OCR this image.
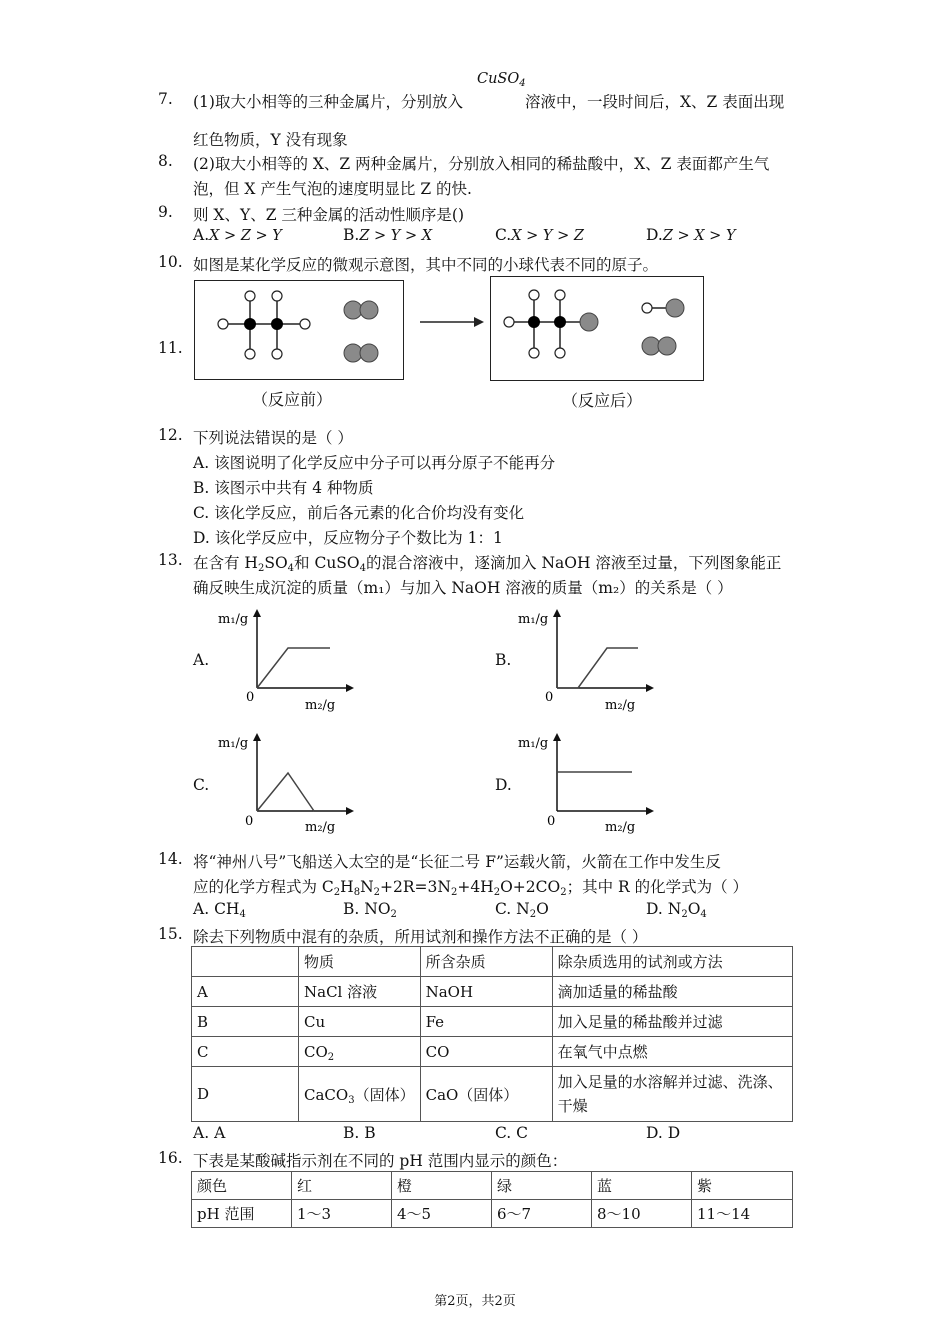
7.	(1)取大小相等的三种金属片，分别放入
CuSO$_4$
溶液中，一段时间后，X、Z 表面出现
红色物质，Y 没有现象
8.	(2)取大小相等的 X、Z 两种金属片，分别放入相同的稀盐酸中，X、Z 表面都产生气
泡，但 X 产生气泡的速度明显比 Z 的快.
9.	则 X、Y、Z 三种金属的活动性顺序是()
A.X > Z > Y	B.Z > Y > X	C.X > Y > Z	D.Z > X > Y
10. 如图是某化学反应的微观示意图，其中不同的小球代表不同的原子。
11.
（反应前）	（反应后）
12. 下列说法错误的是（ ）
A. 该图说明了化学反应中分子可以再分原子不能再分
B. 该图示中共有 4 种物质
C. 该化学反应，前后各元素的化合价均没有变化
D. 该化学反应中，反应物分子个数比为 1：1
13. 在含有 $H_2SO_4$和 CuSO$_4$的混合溶液中，逐滴加入 NaOH 溶液至过量，下列图象能正
确反映生成沉淀的质量（m₁）与加入 NaOH 溶液的质量（m₂）的关系是（ ）
A.
m₁/g
m₂/g
0
B.
m₁/g
m₂/g
0
C.
m₁/g
m₂/g
0
D.
m₁/g
m₂/g
0
14. 将“神州八号”飞船送入太空的是“长征二号 F”运载火箭，火箭在工作中发生反
应的化学方程式为 $C_2H_8N_2+2R=3N_2+4H_2O+2CO_2$；其中 R 的化学式为（ ）
A. $CH_4$	B. $NO_2$	C. $N_2O$	D. $N_2O_4$
15. 除去下列物质中混有的杂质，所用试剂和操作方法不正确的是（ ）
	物质	所含杂质	除杂质选用的试剂或方法
A	NaCl 溶液	NaOH	滴加适量的稀盐酸
B	Cu	Fe	加入足量的稀盐酸并过滤
C	$CO_2$	CO	在氧气中点燃
D	CaCO$_3$（固体）	CaO（固体）	加入足量的水溶解并过滤、洗涤、
干燥
A. A	B. B	C. C	D. D
16. 下表是某酸碱指示剂在不同的 pH 范围内显示的颜色：
颜色	红	橙	绿	蓝	紫
pH 范围	1～3	4～5	6～7	8～10	11～14
第2页，共2页
